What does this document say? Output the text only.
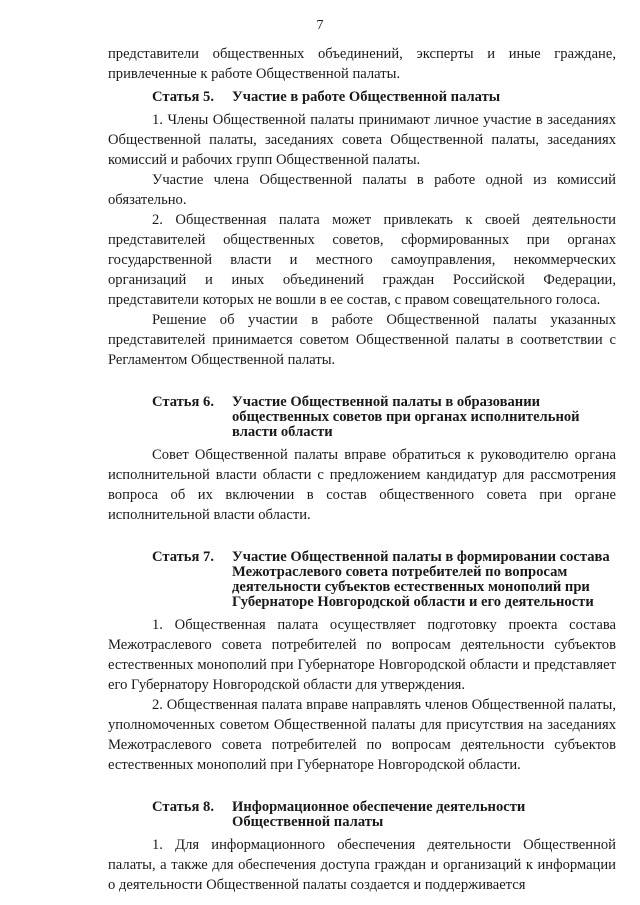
7

представители общественных объединений, эксперты и иные граждане, привлеченные к работе Общественной палаты.

Статья 5.	Участие в работе Общественной палаты

1. Члены Общественной палаты принимают личное участие в заседаниях Общественной палаты, заседаниях совета Общественной палаты, заседаниях комиссий и рабочих групп Общественной палаты.

Участие члена Общественной палаты в работе одной из комиссий обязательно.

2. Общественная палата может привлекать к своей деятельности представителей общественных советов, сформированных при органах государственной власти и местного самоуправления, некоммерческих организаций и иных объединений граждан Российской Федерации, представители которых не вошли в ее состав, с правом совещательного голоса.

Решение об участии в работе Общественной палаты указанных представителей принимается советом Общественной палаты в соответствии с Регламентом Общественной палаты.

Статья 6.	Участие Общественной палаты в образовании общественных советов при органах исполнительной власти области

Совет Общественной палаты вправе обратиться к руководителю органа исполнительной власти области с предложением кандидатур для рассмотрения вопроса об их включении в состав общественного совета при органе исполнительной власти области.

Статья 7.	Участие Общественной палаты в формировании состава Межотраслевого совета потребителей по вопросам деятельности субъектов естественных монополий при Губернаторе Новгородской области и его деятельности

1. Общественная палата осуществляет подготовку проекта состава Межотраслевого совета потребителей по вопросам деятельности субъектов естественных монополий при Губернаторе Новгородской области и представляет его Губернатору Новгородской области для утверждения.

2. Общественная палата вправе направлять членов Общественной палаты, уполномоченных советом Общественной палаты для присутствия на заседаниях Межотраслевого совета потребителей по вопросам деятельности субъектов естественных монополий при Губернаторе Новгородской области.

Статья 8.	Информационное обеспечение деятельности Общественной палаты

1. Для информационного обеспечения деятельности Общественной палаты, а также для обеспечения доступа граждан и организаций к информации о деятельности Общественной палаты создается и поддерживается
